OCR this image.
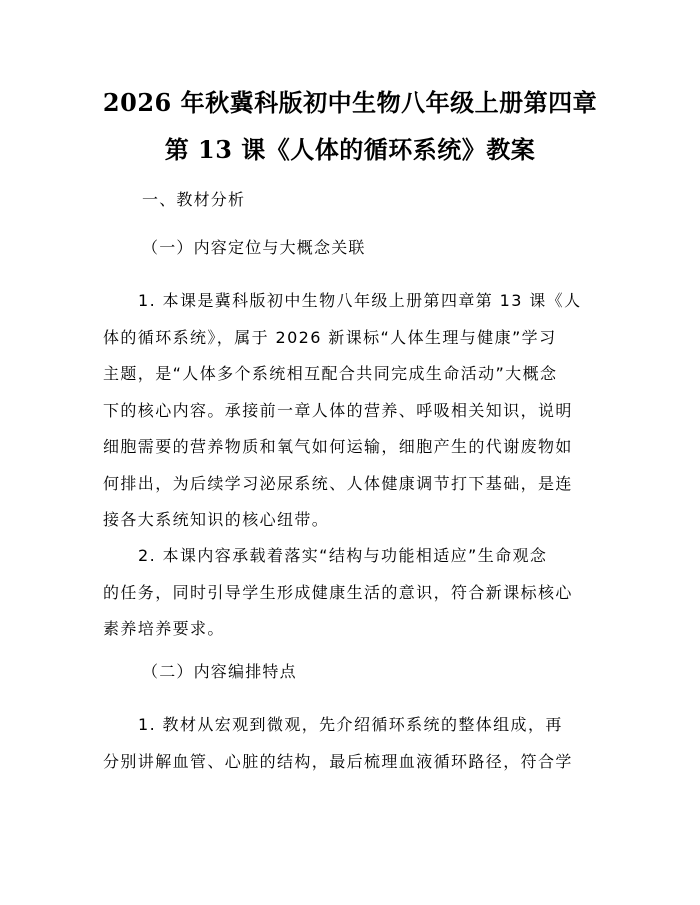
2026 年秋冀科版初中生物八年级上册第四章
第 13 课《人体的循环系统》教案
一、教材分析
（一）内容定位与大概念关联
1. 本课是冀科版初中生物八年级上册第四章第 13 课《人
体的循环系统》，属于 2026 新课标“人体生理与健康”学习
主题，是“人体多个系统相互配合共同完成生命活动”大概念
下的核心内容。承接前一章人体的营养、呼吸相关知识，说明
细胞需要的营养物质和氧气如何运输，细胞产生的代谢废物如
何排出，为后续学习泌尿系统、人体健康调节打下基础，是连
接各大系统知识的核心纽带。
2. 本课内容承载着落实“结构与功能相适应”生命观念
的任务，同时引导学生形成健康生活的意识，符合新课标核心
素养培养要求。
（二）内容编排特点
1. 教材从宏观到微观，先介绍循环系统的整体组成，再
分别讲解血管、心脏的结构，最后梳理血液循环路径，符合学
